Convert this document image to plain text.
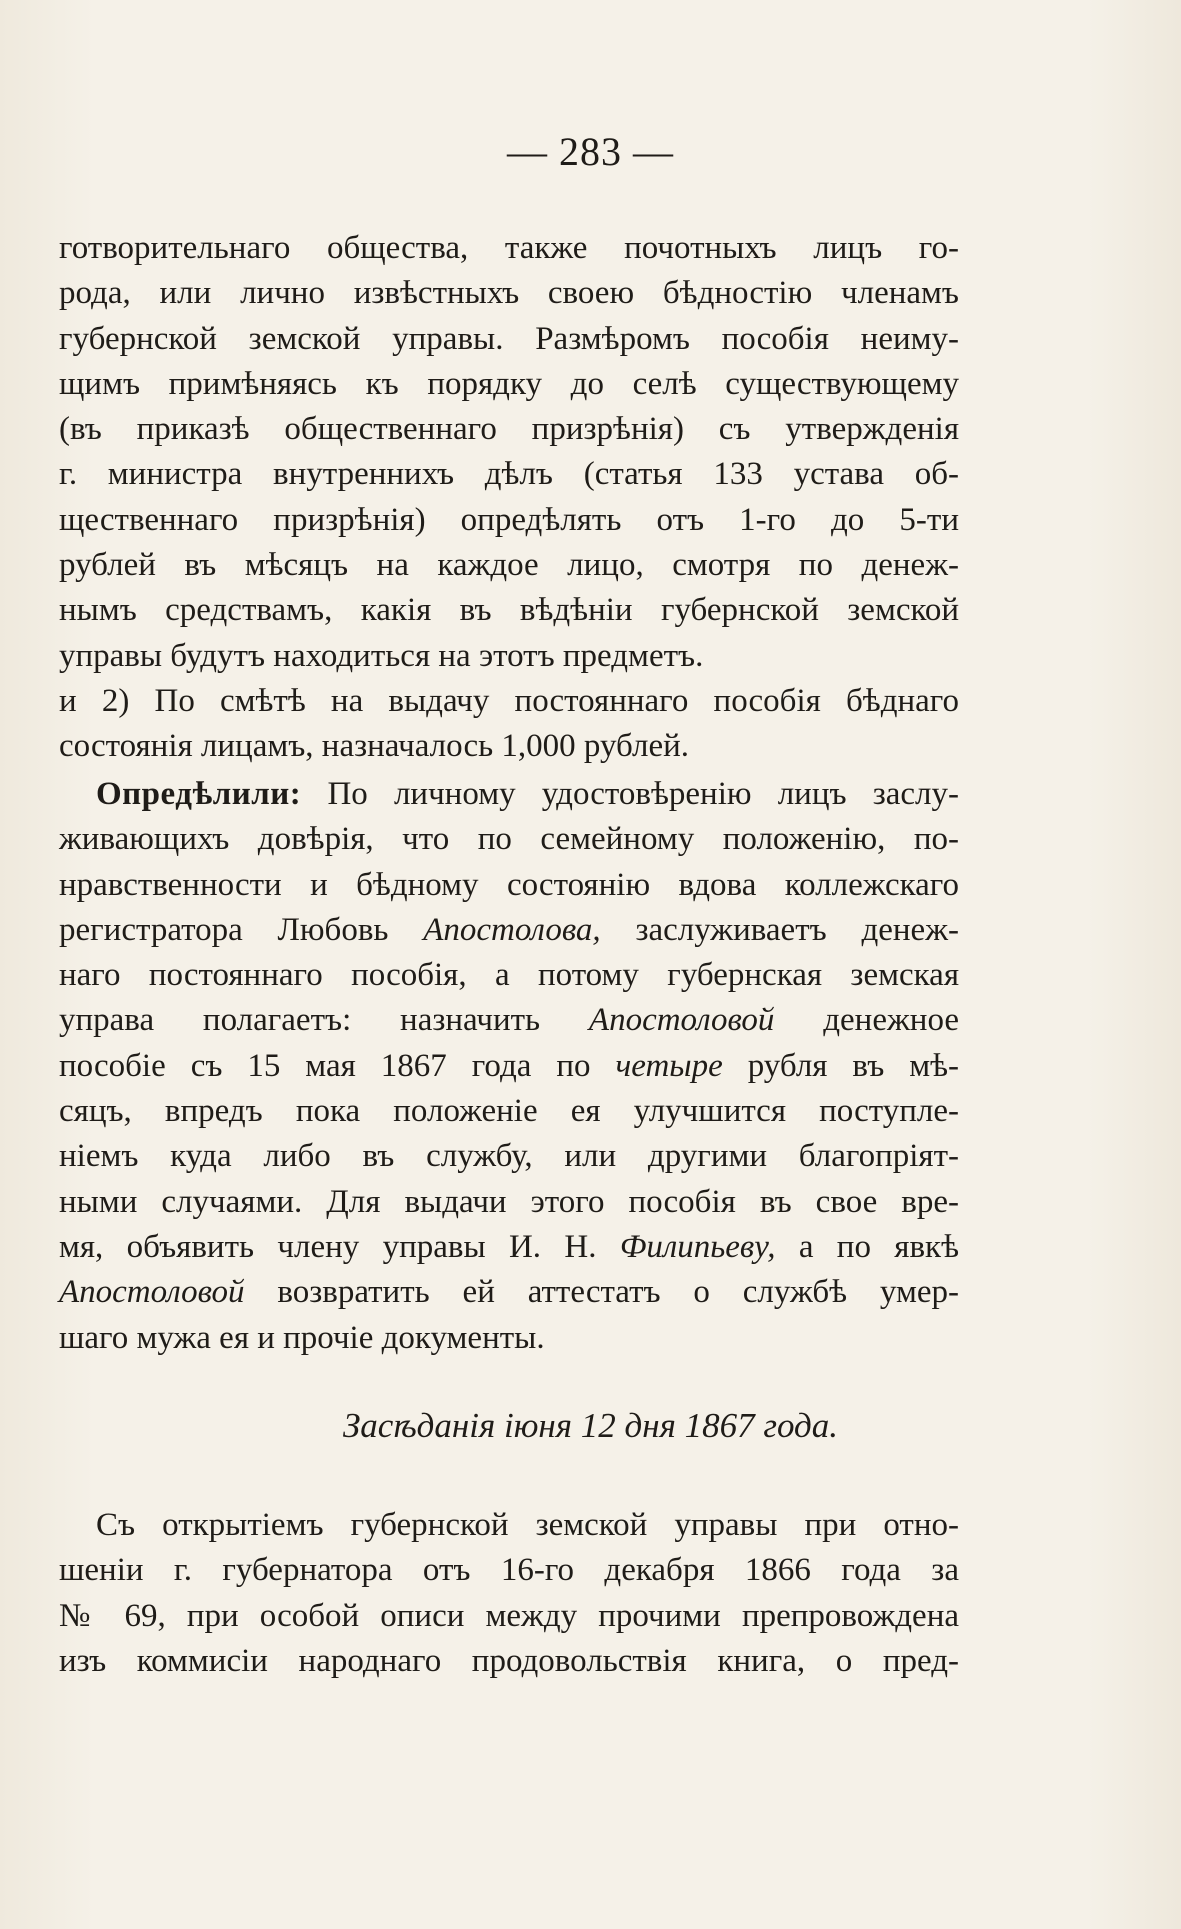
— 283 —
готворительнаго общества, также почотныхъ лицъ го-
рода, или лично извѣстныхъ своею бѣдностію членамъ
губернской земской управы. Размѣромъ пособія неиму-
щимъ примѣняясь къ порядку до селѣ существующему
(въ приказѣ общественнаго призрѣнія) съ утвержденія
г. министра внутреннихъ дѣлъ (статья 133 устава об-
щественнаго призрѣнія) опредѣлять отъ 1-го до 5-ти
рублей въ мѣсяцъ на каждое лицо, смотря по денеж-
нымъ средствамъ, какія въ вѣдѣніи губернской земской
управы будутъ находиться на этотъ предметъ.
и 2) По смѣтѣ на выдачу постояннаго пособія бѣднаго
состоянія лицамъ, назначалось 1,000 рублей.
Опредѣлили: По личному удостовѣренію лицъ заслу-
живающихъ довѣрія, что по семейному положенію, по-
нравственности и бѣдному состоянію вдова коллежскаго
регистратора Любовь Апостолова, заслуживаетъ денеж-
наго постояннаго пособія, а потому губернская земская
управа полагаетъ: назначить Апостоловой денежное
пособіе съ 15 мая 1867 года по четыре рубля въ мѣ-
сяцъ, впредъ пока положеніе ея улучшится поступле-
ніемъ куда либо въ службу, или другими благопріят-
ными случаями. Для выдачи этого пособія въ свое вре-
мя, объявить члену управы И. Н. Филипьеву, а по явкѣ
Апостоловой возвратить ей аттестатъ о службѣ умер-
шаго мужа ея и прочіе документы.
Засѣданія іюня 12 дня 1867 года.
Съ открытіемъ губернской земской управы при отно-
шеніи г. губернатора отъ 16-го декабря 1866 года за
№ 69, при особой описи между прочими препровождена
изъ коммисіи народнаго продовольствія книга, о пред-
